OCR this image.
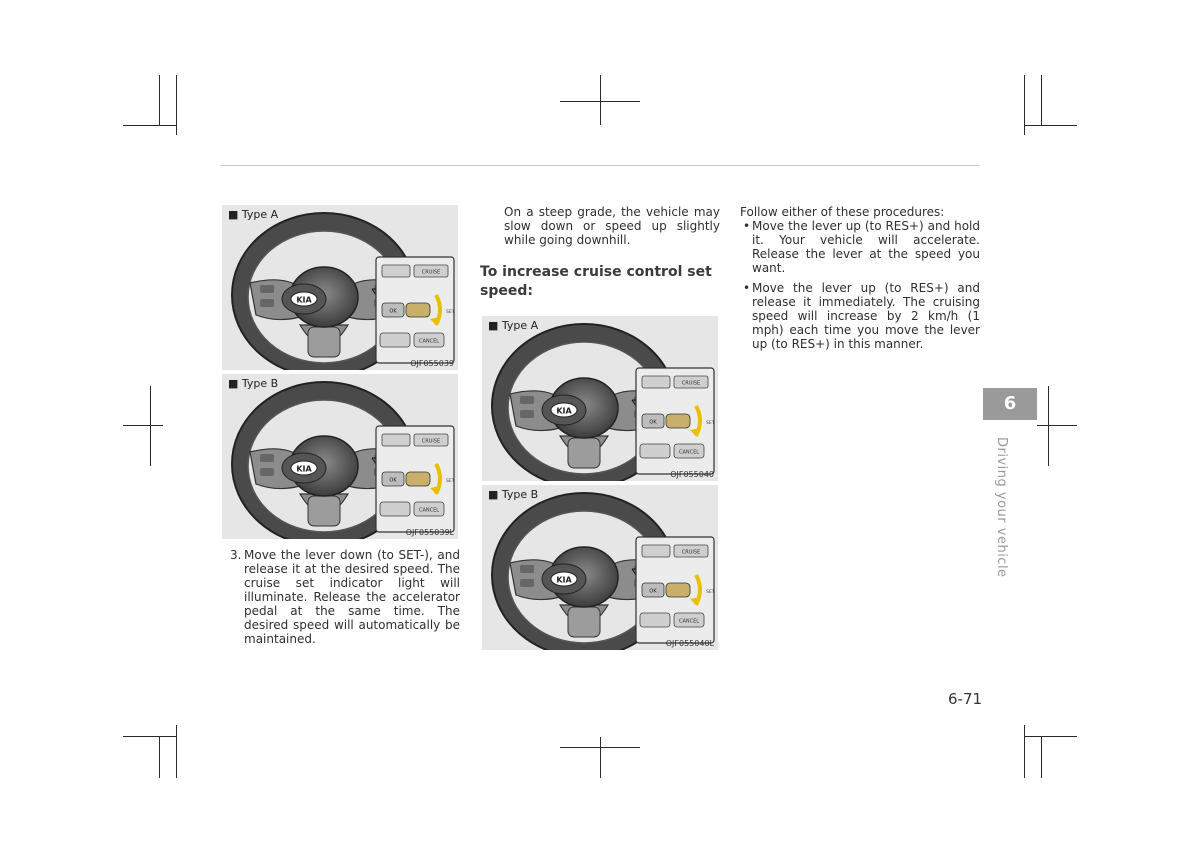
KIA
CRUISE
OK	SET
CANCEL
■ Type A
OJF055039
KIA
CRUISE
OK	SET
CANCEL
■ Type B
OJF055039L
KIA
CRUISE
OK	SET
CANCEL
■ Type A
OJF055040
KIA
CRUISE
OK	SET
CANCEL
■ Type B
OJF055040L
3. Move the lever down (to SET-), and release it at the desired speed. The cruise set indicator light will illuminate. Release the accelerator pedal at the same time. The desired speed will automatically be maintained.
On a steep grade, the vehicle may slow down or speed up slightly while going downhill.
To increase cruise control set speed:
Follow either of these procedures:
• Move the lever up (to RES+) and hold it. Your vehicle will accelerate. Release the lever at the speed you want.
• Move the lever up (to RES+) and release it immediately. The cruising speed will increase by 2 km/h (1 mph) each time you move the lever up (to RES+) in this manner.
6
Driving your vehicle
6-71
